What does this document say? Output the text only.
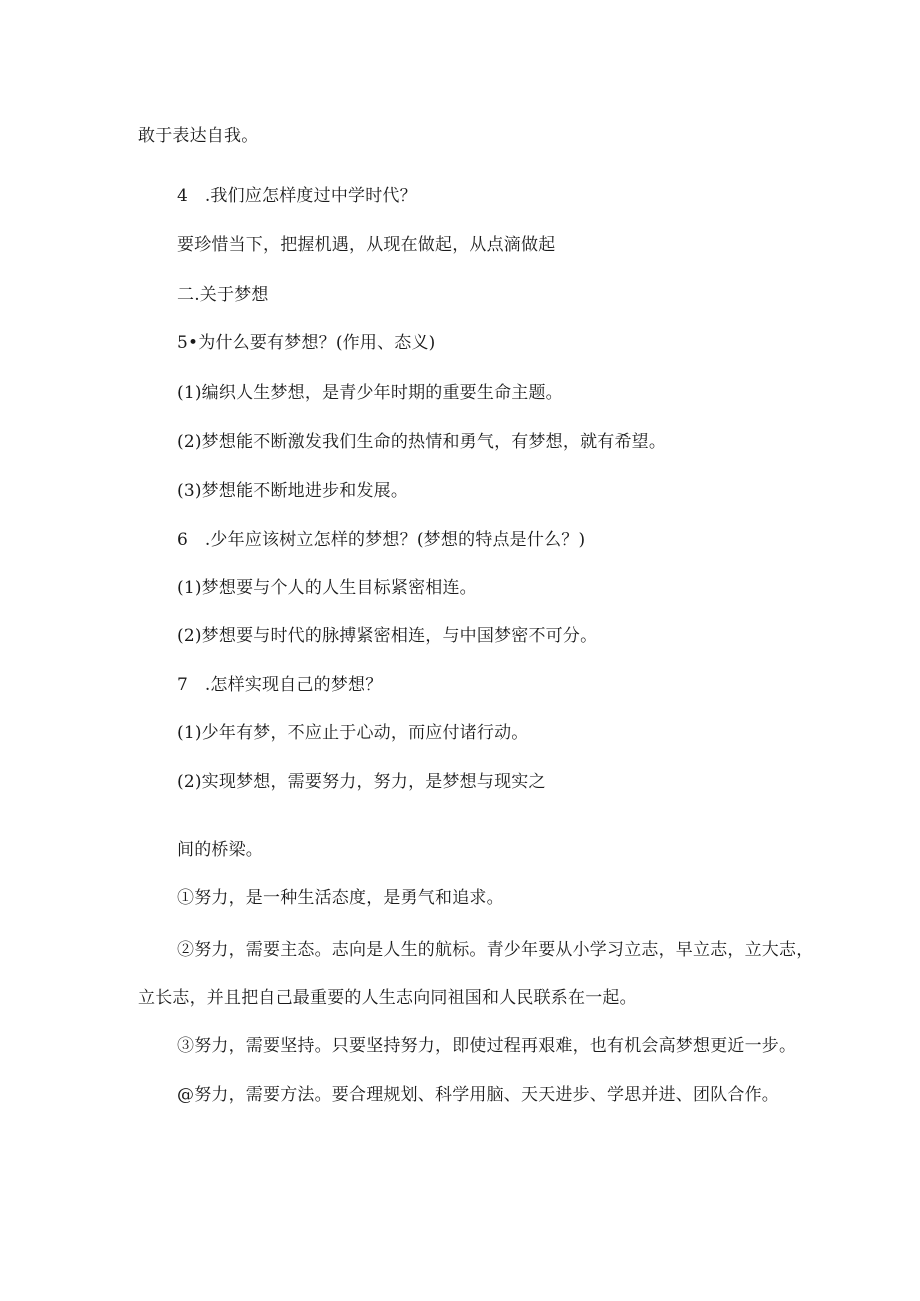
敢于表达自我。
4   .我们应怎样度过中学时代？
要珍惜当下，把握机遇，从现在做起，从点滴做起
二.关于梦想
5•为什么要有梦想？(作用、态义)
(1)编织人生梦想，是青少年时期的重要生命主题。
(2)梦想能不断激发我们生命的热情和勇气，有梦想，就有希望。
(3)梦想能不断地进步和发展。
6   .少年应该树立怎样的梦想？(梦想的特点是什么？)
(1)梦想要与个人的人生目标紧密相连。
(2)梦想要与时代的脉搏紧密相连，与中国梦密不可分。
7   .怎样实现自己的梦想？
(1)少年有梦，不应止于心动，而应付诸行动。
(2)实现梦想，需要努力，努力，是梦想与现实之
间的桥梁。
①努力，是一种生活态度，是勇气和追求。
②努力，需要主态。志向是人生的航标。青少年要从小学习立志，早立志，立大志，
立长志，并且把自己最重要的人生志向同祖国和人民联系在一起。
③努力，需要坚持。只要坚持努力，即使过程再艰难，也有机会高梦想更近一步。
@努力，需要方法。要合理规划、科学用脑、天天进步、学思并进、团队合作。
